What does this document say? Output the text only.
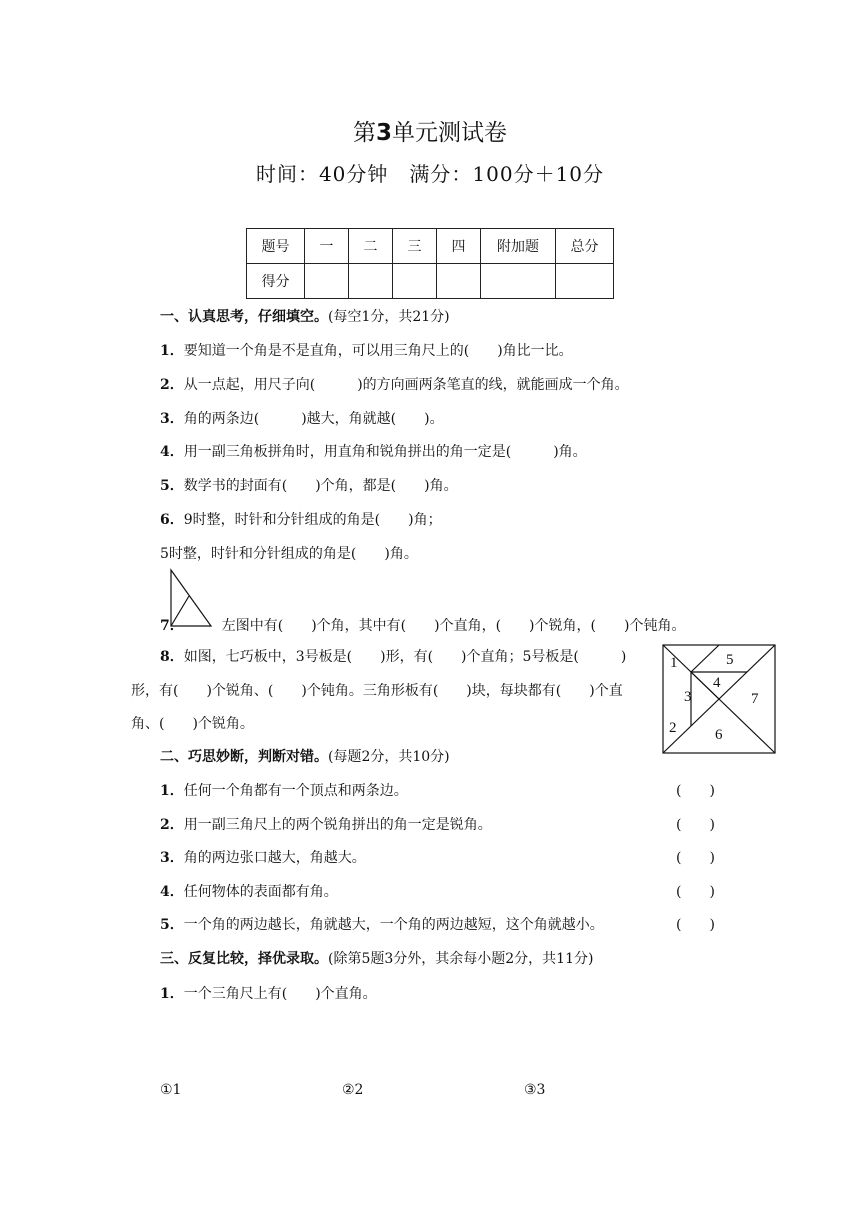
第3单元测试卷
时间：40分钟　满分：100分＋10分
题号	一	二	三	四	附加题	总分
得分						
一、认真思考，仔细填空。(每空1分，共21分)
1．要知道一个角是不是直角，可以用三角尺上的(　　)角比一比。
2．从一点起，用尺子向(　　　)的方向画两条笔直的线，就能画成一个角。
3．角的两条边(　　　)越大，角就越(　　)。
4．用一副三角板拼角时，用直角和锐角拼出的角一定是(　　　)角。
5．数学书的封面有(　　)个角，都是(　　)角。
6．9时整，时针和分针组成的角是(　　)角；
5时整，时针和分针组成的角是(　　)角。
7．	左图中有(　　)个角，其中有(　　)个直角，(　　)个锐角，(　　)个钝角。
8．如图，七巧板中，3号板是(　　)形，有(　　)个直角；5号板是(　　　)
形，有(　　)个锐角、(　　)个钝角。三角形板有(　　)块，每块都有(　　)个直
角、(　　)个锐角。
1
2
3
4
5
6
7
二、巧思妙断，判断对错。(每题2分，共10分)
1．任何一个角都有一个顶点和两条边。	(　　)
2．用一副三角尺上的两个锐角拼出的角一定是锐角。	(　　)
3．角的两边张口越大，角越大。	(　　)
4．任何物体的表面都有角。	(　　)
5．一个角的两边越长，角就越大，一个角的两边越短，这个角就越小。	(　　)
三、反复比较，择优录取。(除第5题3分外，其余每小题2分，共11分)
1．一个三角尺上有(　　)个直角。
①1	②2	③3
